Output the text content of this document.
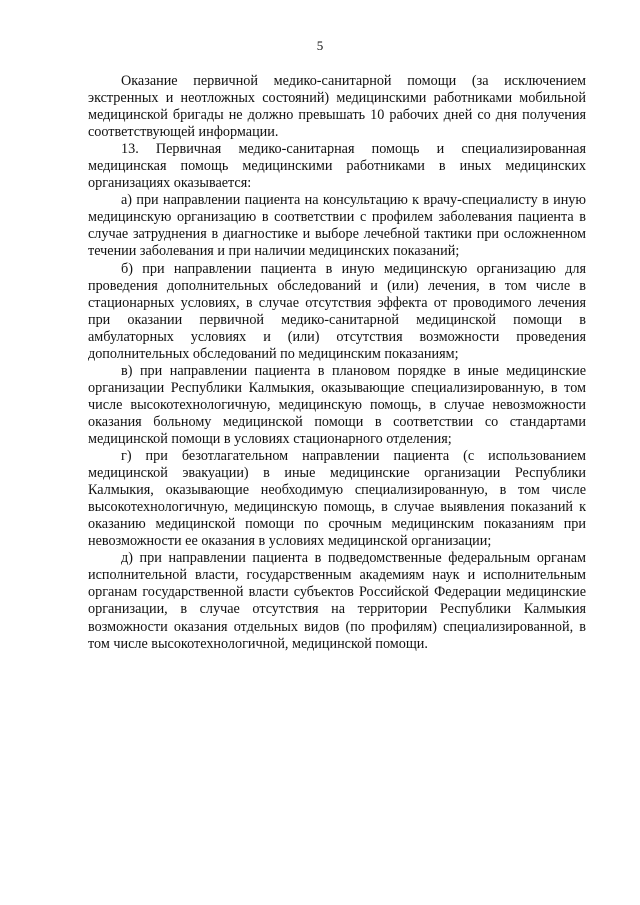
5

Оказание первичной медико-санитарной помощи (за исключением экстренных и неотложных состояний) медицинскими работниками мобильной медицинской бригады не должно превышать 10 рабочих дней со дня получения соответствующей информации.

13. Первичная медико-санитарная помощь и специализированная медицинская помощь медицинскими работниками в иных медицинских организациях оказывается:

а) при направлении пациента на консультацию к врачу-специалисту в иную медицинскую организацию в соответствии с профилем заболевания пациента в случае затруднения в диагностике и выборе лечебной тактики при осложненном течении заболевания и при наличии медицинских показаний;

б) при направлении пациента в иную медицинскую организацию для проведения дополнительных обследований и (или) лечения, в том числе в стационарных условиях, в случае отсутствия эффекта от проводимого лечения при оказании первичной медико-санитарной медицинской помощи в амбулаторных условиях и (или) отсутствия возможности проведения дополнительных обследований по медицинским показаниям;

в) при направлении пациента в плановом порядке в иные медицинские организации Республики Калмыкия, оказывающие специализированную, в том числе высокотехнологичную, медицинскую помощь, в случае невозможности оказания больному медицинской помощи в соответствии со стандартами медицинской помощи в условиях стационарного отделения;

г) при безотлагательном направлении пациента (с использованием медицинской эвакуации) в иные медицинские организации Республики Калмыкия, оказывающие необходимую специализированную, в том числе высокотехнологичную, медицинскую помощь, в случае выявления показаний к оказанию медицинской помощи по срочным медицинским показаниям при невозможности ее оказания в условиях медицинской организации;

д) при направлении пациента в подведомственные федеральным органам исполнительной власти, государственным академиям наук и исполнительным органам государственной власти субъектов Российской Федерации медицинские организации, в случае отсутствия на территории Республики Калмыкия возможности оказания отдельных видов (по профилям) специализированной, в том числе высокотехнологичной, медицинской помощи.
